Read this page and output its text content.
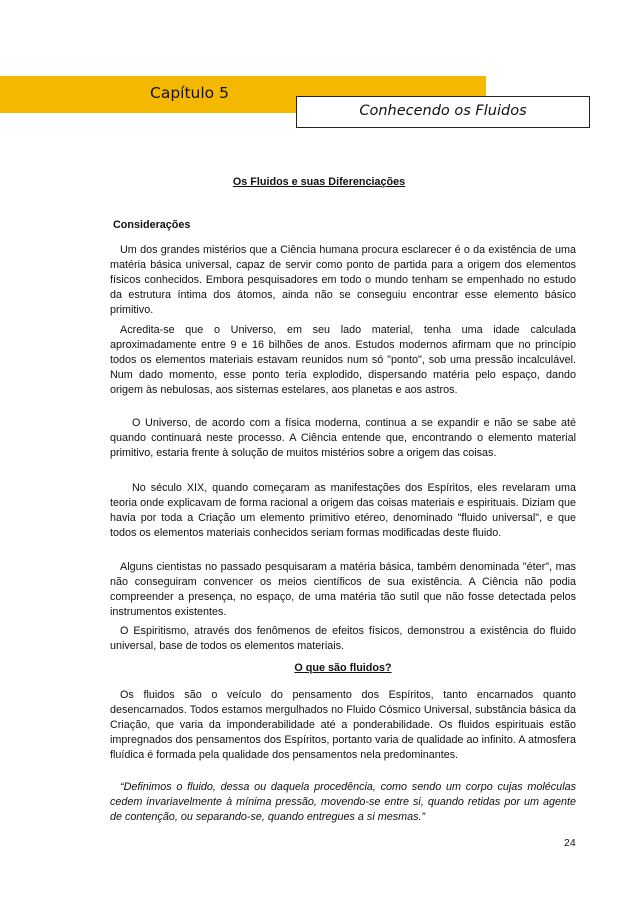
Capítulo 5
Conhecendo os Fluidos
Os Fluidos e suas Diferenciações
Considerações

Um dos grandes mistérios que a Ciência humana procura esclarecer é o da existência de uma matéria básica universal, capaz de servir como ponto de partida para a origem dos elementos físicos conhecidos. Embora pesquisadores em todo o mundo tenham se empenhado no estudo da estrutura íntima dos átomos, ainda não se conseguiu encontrar esse elemento básico primitivo.

Acredita-se que o Universo, em seu lado material, tenha uma idade calculada aproximadamente entre 9 e 16 bilhões de anos. Estudos modernos afirmam que no princípio todos os elementos materiais estavam reunidos num só "ponto", sob uma pressão incalculável. Num dado momento, esse ponto teria explodido, dispersando matéria pelo espaço, dando origem às nebulosas, aos sistemas estelares, aos planetas e aos astros.

O Universo, de acordo com a física moderna, continua a se expandir e não se sabe até quando continuará neste processo. A Ciência entende que, encontrando o elemento material primitivo, estaria frente à solução de muitos mistérios sobre a origem das coisas.

No século XIX, quando começaram as manifestações dos Espíritos, eles revelaram uma teoria onde explicavam de forma racional a origem das coisas materiais e espirituais. Diziam que havia por toda a Criação um elemento primitivo etéreo, denominado "fluido universal", e que todos os elementos materiais conhecidos seriam formas modificadas deste fluido.

Alguns cientistas no passado pesquisaram a matéria básica, também denominada "éter", mas não conseguiram convencer os meios científicos de sua existência. A Ciência não podia compreender a presença, no espaço, de uma matéria tão sutil que não fosse detectada pelos instrumentos existentes.

O Espiritismo, através dos fenômenos de efeitos físicos, demonstrou a existência do fluido universal, base de todos os elementos materiais.

O que são fluidos?

Os fluidos são o veículo do pensamento dos Espíritos, tanto encarnados quanto desencarnados. Todos estamos mergulhados no Fluido Cósmico Universal, substância básica da Criação, que varia da imponderabilidade até a ponderabilidade. Os fluidos espirituais estão impregnados dos pensamentos dos Espíritos, portanto varia de qualidade ao infinito. A atmosfera fluídica é formada pela qualidade dos pensamentos nela predominantes.

“Definimos o fluido, dessa ou daquela procedência, como sendo um corpo cujas moléculas cedem invariavelmente à mínima pressão, movendo-se entre si, quando retidas por um agente de contenção, ou separando-se, quando entregues a si mesmas.”

24
